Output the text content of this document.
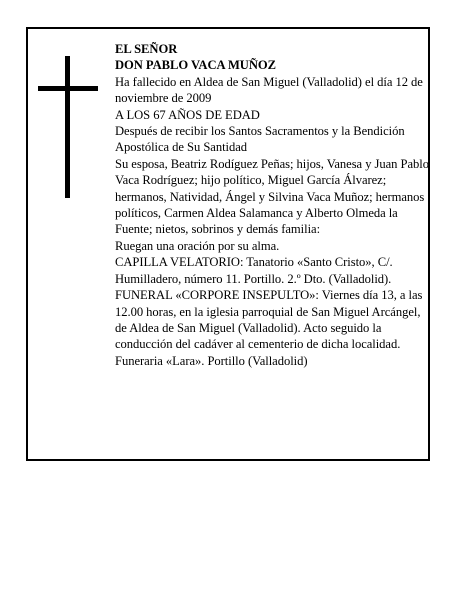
EL SEÑOR

DON PABLO VACA MUÑOZ

Ha fallecido en Aldea de San Miguel (Valladolid) el día 12 de noviembre de 2009

A LOS 67 AÑOS DE EDAD

Después de recibir los Santos Sacramentos y la Bendición Apostólica de Su Santidad

Su esposa, Beatriz Rodíguez Peñas; hijos, Vanesa y Juan Pablo Vaca Rodríguez; hijo político, Miguel García Álvarez; hermanos, Natividad, Ángel y Silvina Vaca Muñoz; hermanos políticos, Carmen Aldea Salamanca y Alberto Olmeda la Fuente; nietos, sobrinos y demás familia:

Ruegan una oración por su alma.

CAPILLA VELATORIO: Tanatorio «Santo Cristo», C/. Humilladero, número 11. Portillo. 2.º Dto. (Valladolid).

FUNERAL «CORPORE INSEPULTO»: Viernes día 13, a las 12.00 horas, en la iglesia parroquial de San Miguel Arcángel, de Aldea de San Miguel (Valladolid). Acto seguido la conducción del cadáver al cementerio de dicha localidad.

Funeraria «Lara». Portillo (Valladolid)
